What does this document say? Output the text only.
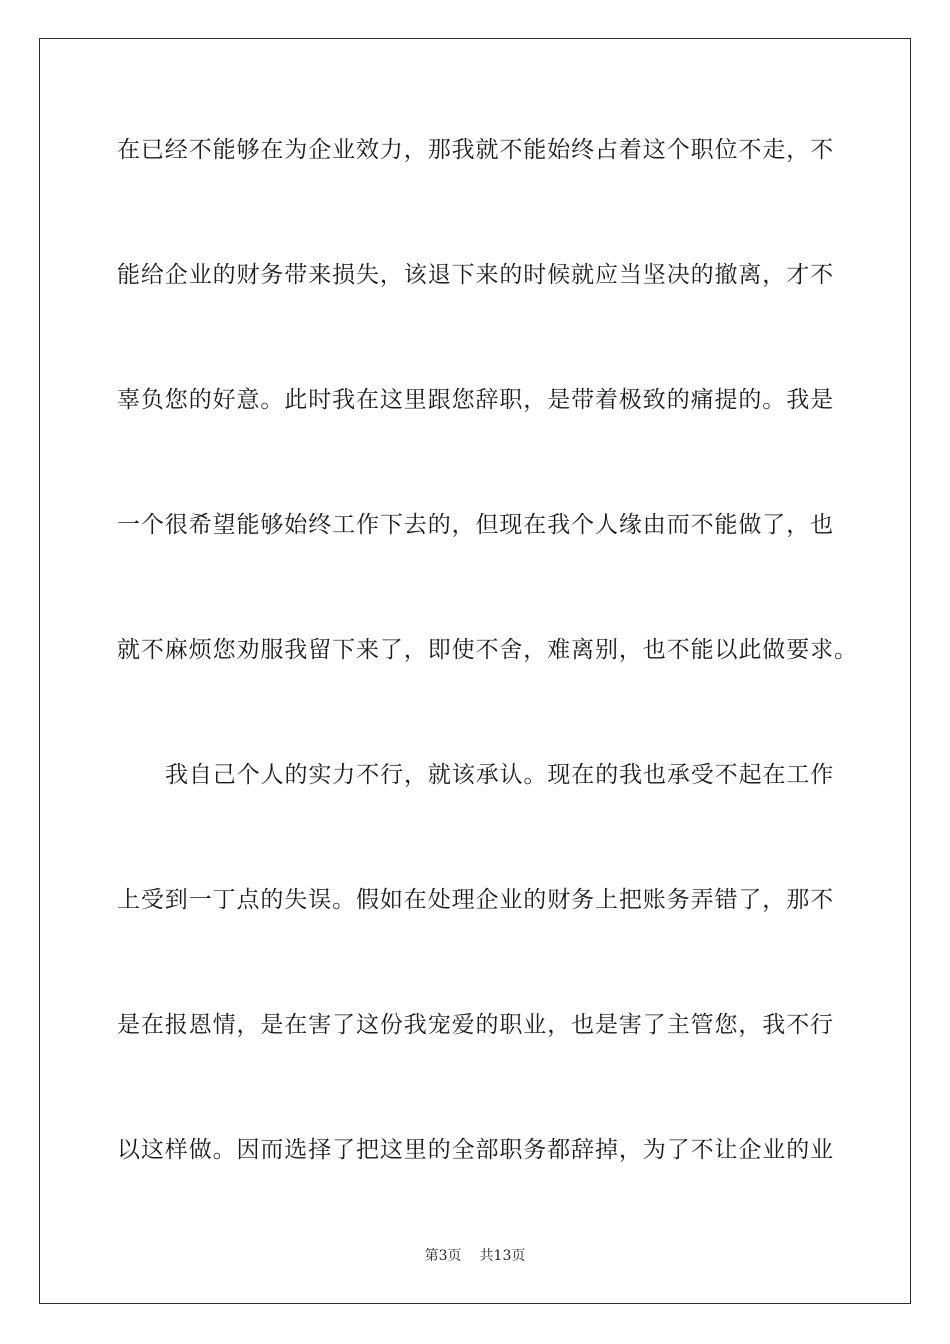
在已经不能够在为企业效力，那我就不能始终占着这个职位不走，不
能给企业的财务带来损失，该退下来的时候就应当坚决的撤离，才不
辜负您的好意。此时我在这里跟您辞职，是带着极致的痛提的。我是
一个很希望能够始终工作下去的，但现在我个人缘由而不能做了，也
就不麻烦您劝服我留下来了，即使不舍，难离别，也不能以此做要求。
我自己个人的实力不行，就该承认。现在的我也承受不起在工作
上受到一丁点的失误。假如在处理企业的财务上把账务弄错了，那不
是在报恩情，是在害了这份我宠爱的职业，也是害了主管您，我不行
以这样做。因而选择了把这里的全部职务都辞掉，为了不让企业的业
第3页 共13页
